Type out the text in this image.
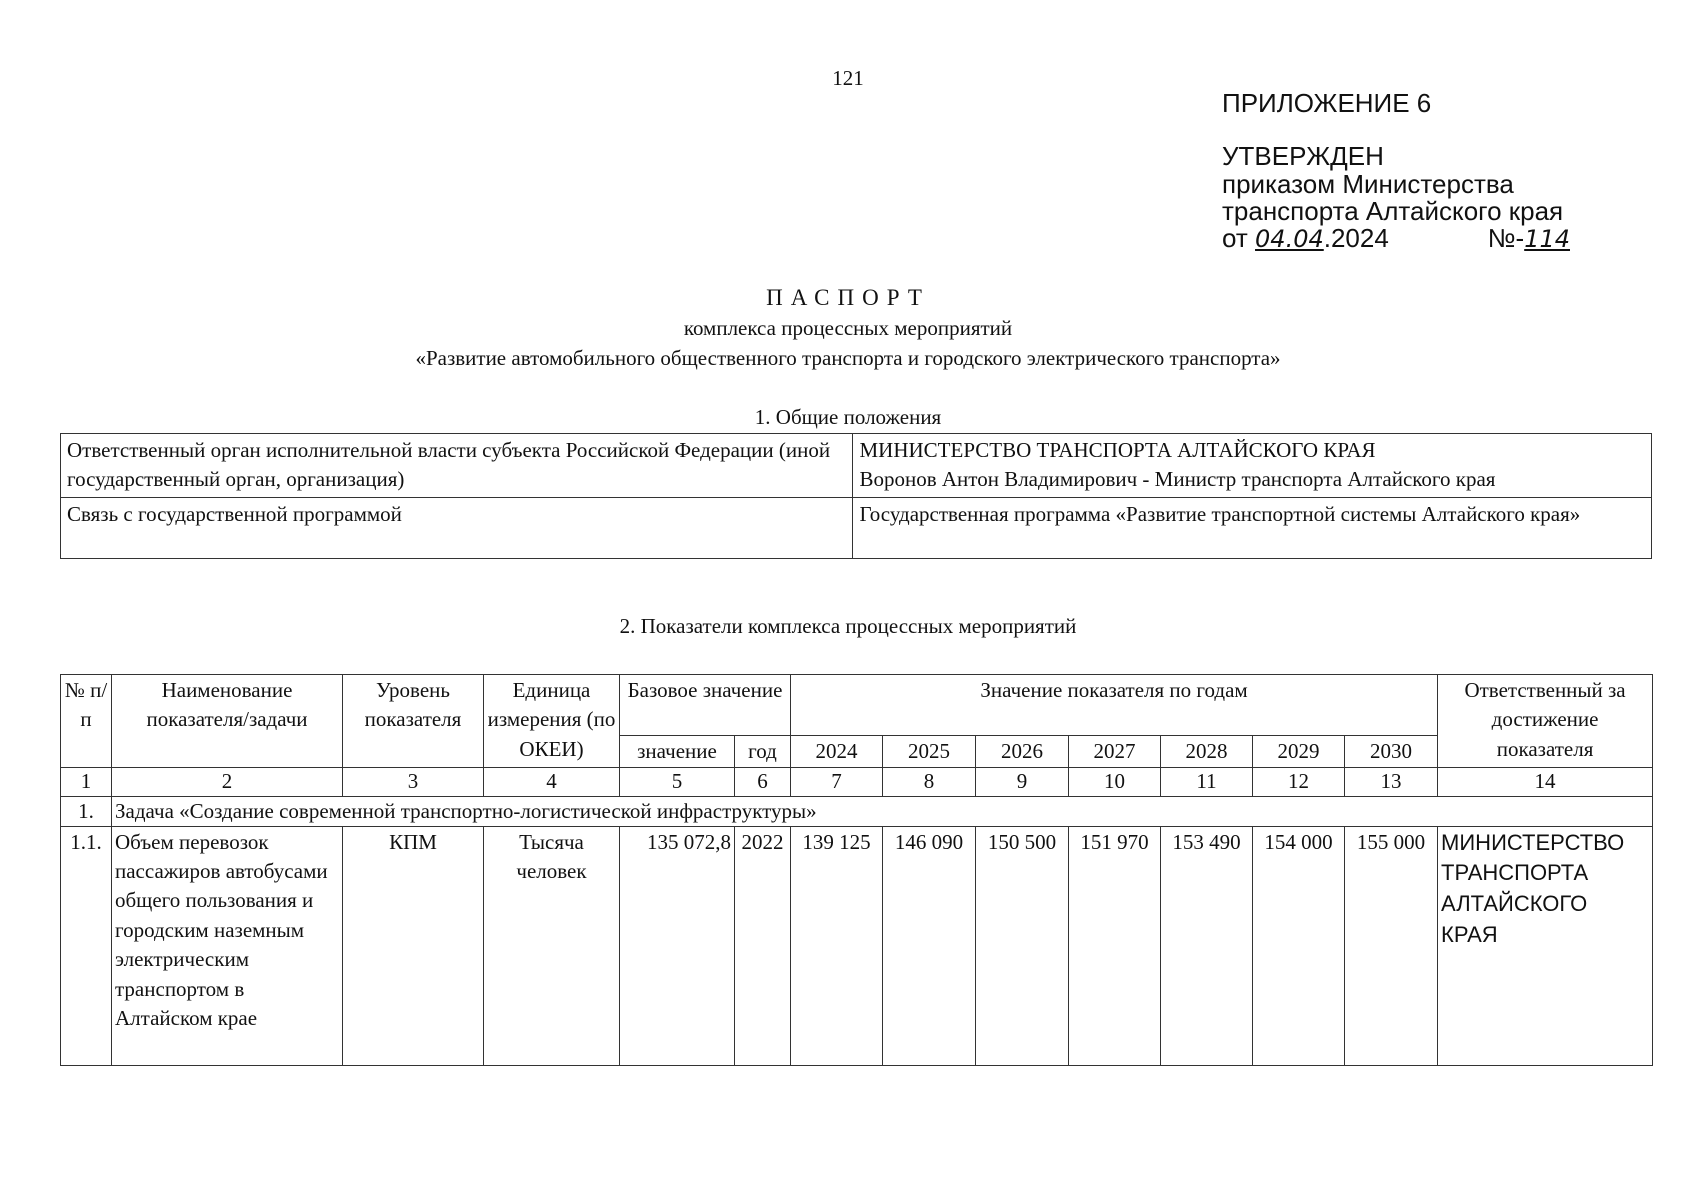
121
ПРИЛОЖЕНИЕ 6
УТВЕРЖДЕН
приказом Министерства
транспорта Алтайского края
от 04.04.2024	№-114
ПАСПОРТ
комплекса процессных мероприятий
«Развитие автомобильного общественного транспорта и городского электрического транспорта»
1. Общие положения
Ответственный орган исполнительной власти субъекта Российской Федерации (иной государственный орган, организация)	МИНИСТЕРСТВО ТРАНСПОРТА АЛТАЙСКОГО КРАЯ
Воронов Антон Владимирович - Министр транспорта Алтайского края

Связь с государственной программой	Государственная программа «Развитие транспортной системы Алтайского края»
2. Показатели комплекса процессных мероприятий
№ п/п	Наименование показателя/задачи	Уровень показателя	Единица измерения (по ОКЕИ)	Базовое значение		Значение показателя по годам							Ответственный за достижение показателя
				значение	год	2024	2025	2026	2027	2028	2029	2030	
1	2	3	4	5	6	7	8	9	10	11	12	13	14
1.	Задача «Создание современной транспортно-логистической инфраструктуры»												
1.1.	Объем перевозок пассажиров автобусами общего пользования и городским наземным электрическим транспортом в Алтайском крае	КПМ	Тысяча человек	135 072,8	2022	139 125	146 090	150 500	151 970	153 490	154 000	155 000	МИНИСТЕРСТВО ТРАНСПОРТА АЛТАЙСКОГО КРАЯ
